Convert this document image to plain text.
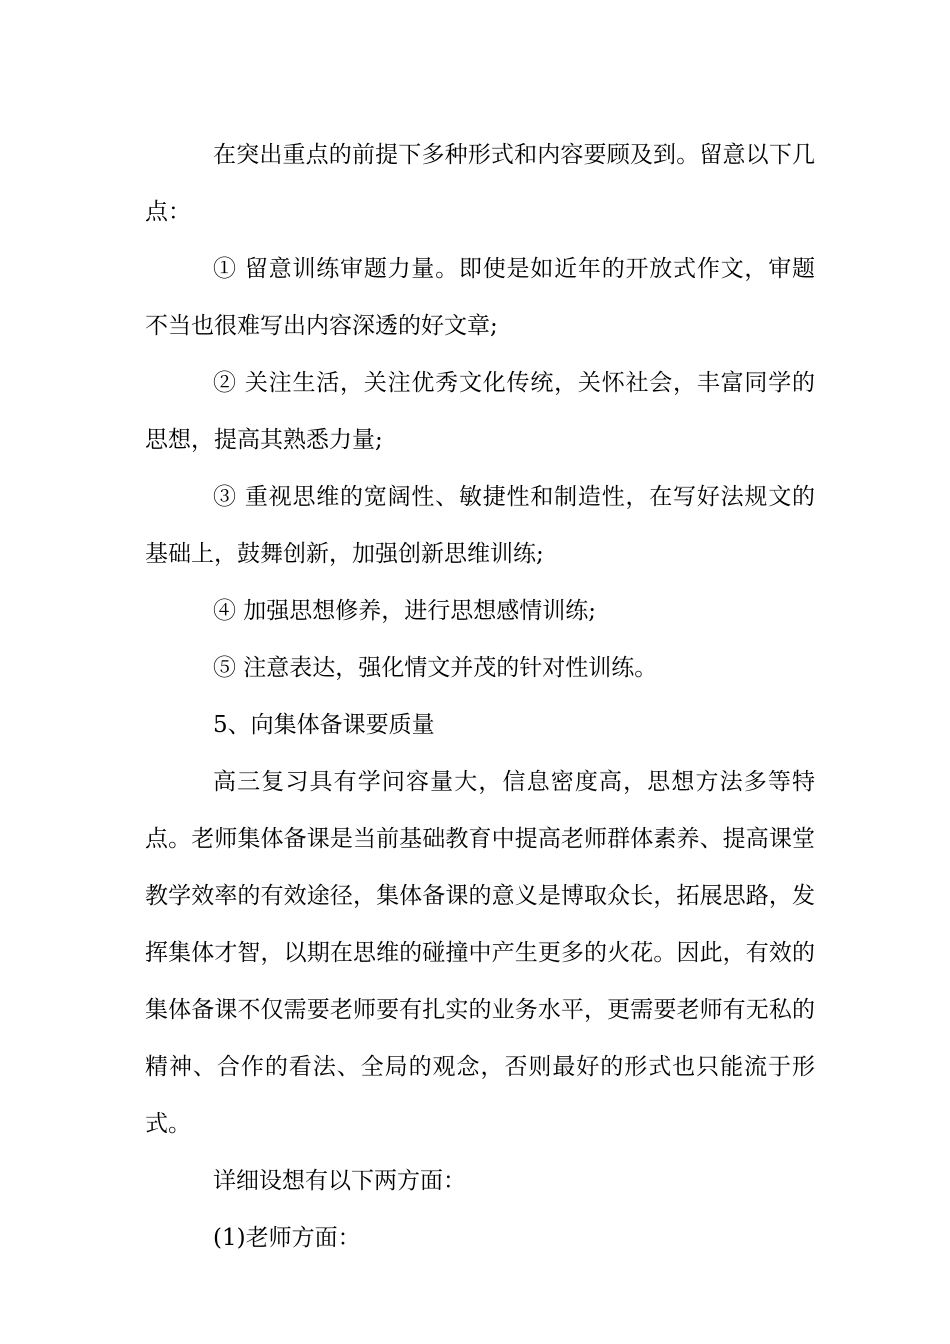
在突出重点的前提下多种形式和内容要顾及到。留意以下几点：

① 留意训练审题力量。即使是如近年的开放式作文，审题不当也很难写出内容深透的好文章;

② 关注生活，关注优秀文化传统，关怀社会，丰富同学的思想，提高其熟悉力量;

③ 重视思维的宽阔性、敏捷性和制造性，在写好法规文的基础上，鼓舞创新，加强创新思维训练;

④ 加强思想修养，进行思想感情训练;

⑤ 注意表达，强化情文并茂的针对性训练。

5、向集体备课要质量

高三复习具有学问容量大，信息密度高，思想方法多等特点。老师集体备课是当前基础教育中提高老师群体素养、提高课堂教学效率的有效途径，集体备课的意义是博取众长，拓展思路，发挥集体才智，以期在思维的碰撞中产生更多的火花。因此，有效的集体备课不仅需要老师要有扎实的业务水平，更需要老师有无私的精神、合作的看法、全局的观念，否则最好的形式也只能流于形式。

详细设想有以下两方面：

(1)老师方面：
